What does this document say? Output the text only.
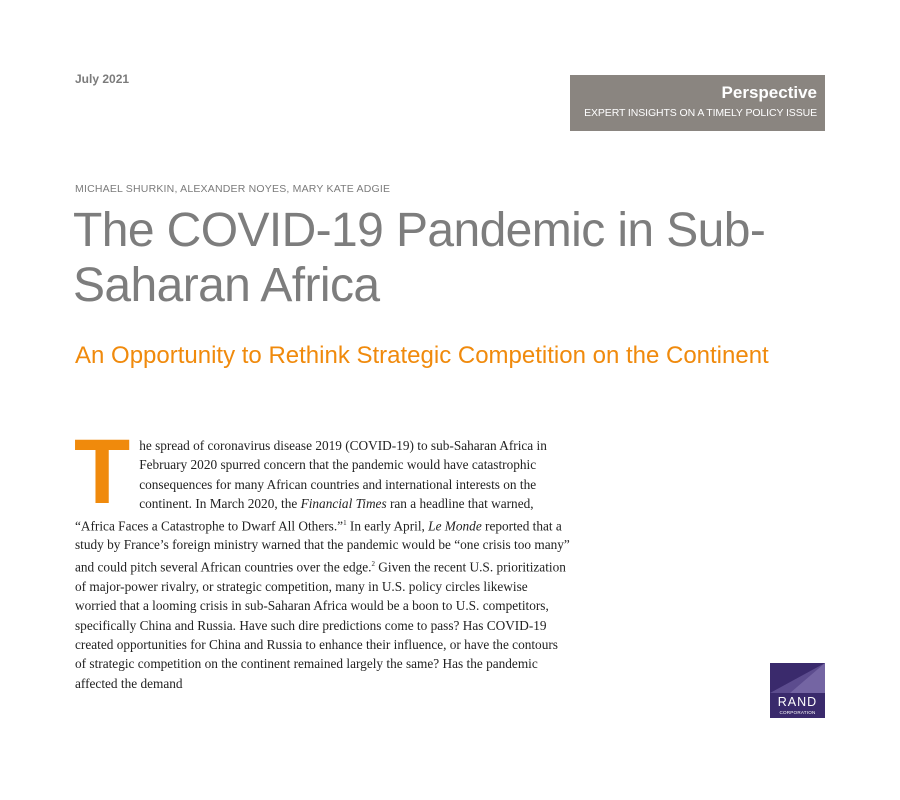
July 2021
Perspective
EXPERT INSIGHTS ON A TIMELY POLICY ISSUE
MICHAEL SHURKIN, ALEXANDER NOYES, MARY KATE ADGIE
The COVID-19 Pandemic in Sub-Saharan Africa
An Opportunity to Rethink Strategic Competition on the Continent
The spread of coronavirus disease 2019 (COVID-19) to sub-Saharan Africa in February 2020 spurred concern that the pandemic would have catastrophic consequences for many African countries and international interests on the continent. In March 2020, the Financial Times ran a headline that warned, “Africa Faces a Catastrophe to Dwarf All Others.”$^1$ In early April, Le Monde reported that a study by France’s foreign ministry warned that the pandemic would be “one crisis too many” and could pitch several African countries over the edge.$^2$ Given the recent U.S. prioritization of major-power rivalry, or strategic competition, many in U.S. policy circles likewise worried that a looming crisis in sub-Saharan Africa would be a boon to U.S. competitors, specifically China and Russia. Have such dire predictions come to pass? Has COVID-19 created opportunities for China and Russia to enhance their influence, or have the contours of strategic competition on the continent remained largely the same? Has the pandemic affected the demand
RAND
CORPORATION
